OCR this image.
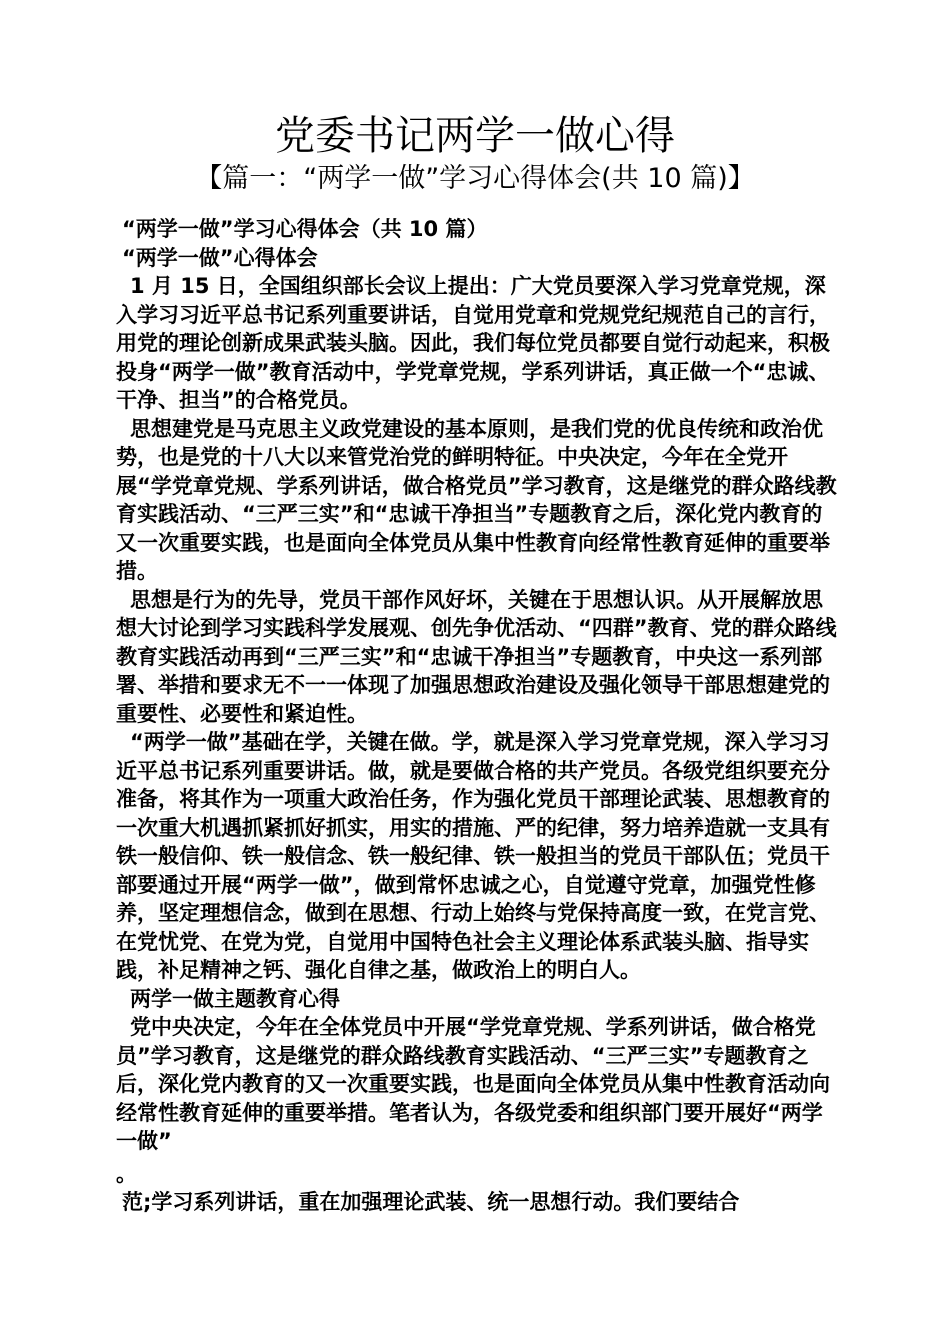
党委书记两学一做心得
【篇一：“两学一做”学习心得体会(共 10 篇)】

“两学一做”学习心得体会（共 10 篇）

“两学一做”心得体会

1 月 15 日，全国组织部长会议上提出：广大党员要深入学习党章党规，深入学习习近平总书记系列重要讲话，自觉用党章和党规党纪规范自己的言行，用党的理论创新成果武装头脑。因此，我们每位党员都要自觉行动起来，积极投身“两学一做”教育活动中，学党章党规，学系列讲话，真正做一个“忠诚、干净、担当”的合格党员。

思想建党是马克思主义政党建设的基本原则，是我们党的优良传统和政治优势，也是党的十八大以来管党治党的鲜明特征。中央决定，今年在全党开展“学党章党规、学系列讲话，做合格党员”学习教育，这是继党的群众路线教育实践活动、“三严三实”和“忠诚干净担当”专题教育之后，深化党内教育的又一次重要实践，也是面向全体党员从集中性教育向经常性教育延伸的重要举措。

思想是行为的先导，党员干部作风好坏，关键在于思想认识。从开展解放思想大讨论到学习实践科学发展观、创先争优活动、“四群”教育、党的群众路线教育实践活动再到“三严三实”和“忠诚干净担当”专题教育，中央这一系列部署、举措和要求无不一一体现了加强思想政治建设及强化领导干部思想建党的重要性、必要性和紧迫性。

“两学一做”基础在学，关键在做。学，就是深入学习党章党规，深入学习习近平总书记系列重要讲话。做，就是要做合格的共产党员。各级党组织要充分准备，将其作为一项重大政治任务，作为强化党员干部理论武装、思想教育的一次重大机遇抓紧抓好抓实，用实的措施、严的纪律，努力培养造就一支具有铁一般信仰、铁一般信念、铁一般纪律、铁一般担当的党员干部队伍；党员干部要通过开展“两学一做”，做到常怀忠诚之心，自觉遵守党章，加强党性修养，坚定理想信念，做到在思想、行动上始终与党保持高度一致，在党言党、在党忧党、在党为党，自觉用中国特色社会主义理论体系武装头脑、指导实践，补足精神之钙、强化自律之基，做政治上的明白人。

两学一做主题教育心得

党中央决定，今年在全体党员中开展“学党章党规、学系列讲话，做合格党员”学习教育，这是继党的群众路线教育实践活动、“三严三实”专题教育之后，深化党内教育的又一次重要实践，也是面向全体党员从集中性教育活动向经常性教育延伸的重要举措。笔者认为，各级党委和组织部门要开展好“两学一做”

。

范;学习系列讲话，重在加强理论武装、统一思想行动。我们要结合
